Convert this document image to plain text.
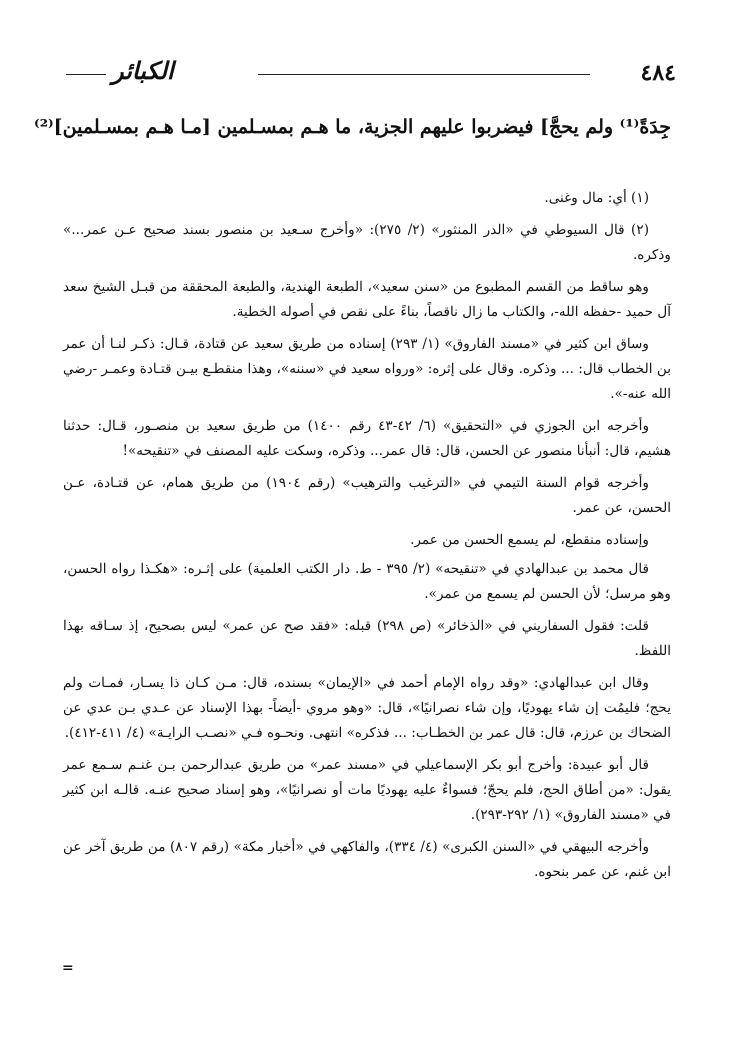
٤٨٤
الكبائر
جِدَةً⁽¹⁾ ولم يحجَّ] فيضربوا عليهم الجزية، ما هـم بمسـلمين [مـا هـم بمسـلمين]⁽²⁾

(١) أي: مال وغنى.

(٢) قال السيوطي في «الدر المنثور» (٢/ ٢٧٥): «وأخرج سـعيد بن منصور بسند صحيح عـن عمر...» وذكره.

وهو ساقط من القسم المطبوع من «سنن سعيد»، الطبعة الهندية، والطبعة المحققة من قبـل الشيخ سعد آل حميد -حفظه الله-، والكتاب ما زال ناقصاً، بناءً على نقص في أصوله الخطية.

وساق ابن كثير في «مسند الفاروق» (١/ ٢٩٣) إسناده من طريق سعيد عن قتادة، قـال: ذكـر لنـا أن عمر بن الخطاب قال: ... وذكره. وقال على إثره: «ورواه سعيد في «سننه»، وهذا منقطـع بيـن قتـادة وعمـر -رضي الله عنه-».

وأخرجه ابن الجوزي في «التحقيق» (٦/ ٤٢-٤٣ رقم ١٤٠٠) من طريق سعيد بن منصـور، قـال: حدثنا هشيم، قال: أنبأنا منصور عن الحسن، قال: قال عمر... وذكره، وسكت عليه المصنف في «تنقيحه»!

وأخرجه قوام السنة التيمي في «الترغيب والترهيب» (رقم ١٩٠٤) من طريق همام، عن قتـادة، عـن الحسن، عن عمر.

وإسناده منقطع، لم يسمع الحسن من عمر.

قال محمد بن عبدالهادي في «تنقيحه» (٢/ ٣٩٥ - ط. دار الكتب العلمية) على إثـره: «هكـذا رواه الحسن، وهو مرسل؛ لأن الحسن لم يسمع من عمر».

قلت: فقول السفاريني في «الذخائر» (ص ٢٩٨) قبله: «فقد صح عن عمر» ليس بصحيح، إذ سـاقه بهذا اللفظ.

وقال ابن عبدالهادي: «وقد رواه الإمام أحمد في «الإيمان» بسنده، قال: مـن كـان ذا يسـار، فمـات ولم يحج؛ فليمُت إن شاء يهوديًا، وإن شاء نصرانيًا»، قال: «وهو مروي -أيضاً- بهذا الإسناد عن عـدي بـن عدي عن الضحاك بن عرزم، قال: قال عمر بن الخطـاب: ... فذكره» انتهى. ونحـوه فـي «نصـب الرايـة» (٤/ ٤١١-٤١٢).

قال أبو عبيدة: وأخرج أبو بكر الإسماعيلي في «مسند عمر» من طريق عبدالرحمن بـن غنـم سـمع عمر يقول: «من أطاق الحج، فلم يحجّ؛ فسواءٌ عليه يهوديًا مات أو نصرانيًا»، وهو إسناد صحيح عنـه. قالـه ابن كثير في «مسند الفاروق» (١/ ٢٩٢-٢٩٣).

وأخرجه البيهقي في «السنن الكبرى» (٤/ ٣٣٤)، والفاكهي في «أخبار مكة» (رقم ٨٠٧) من طريق آخر عن ابن غنم، عن عمر بنحوه.

=
